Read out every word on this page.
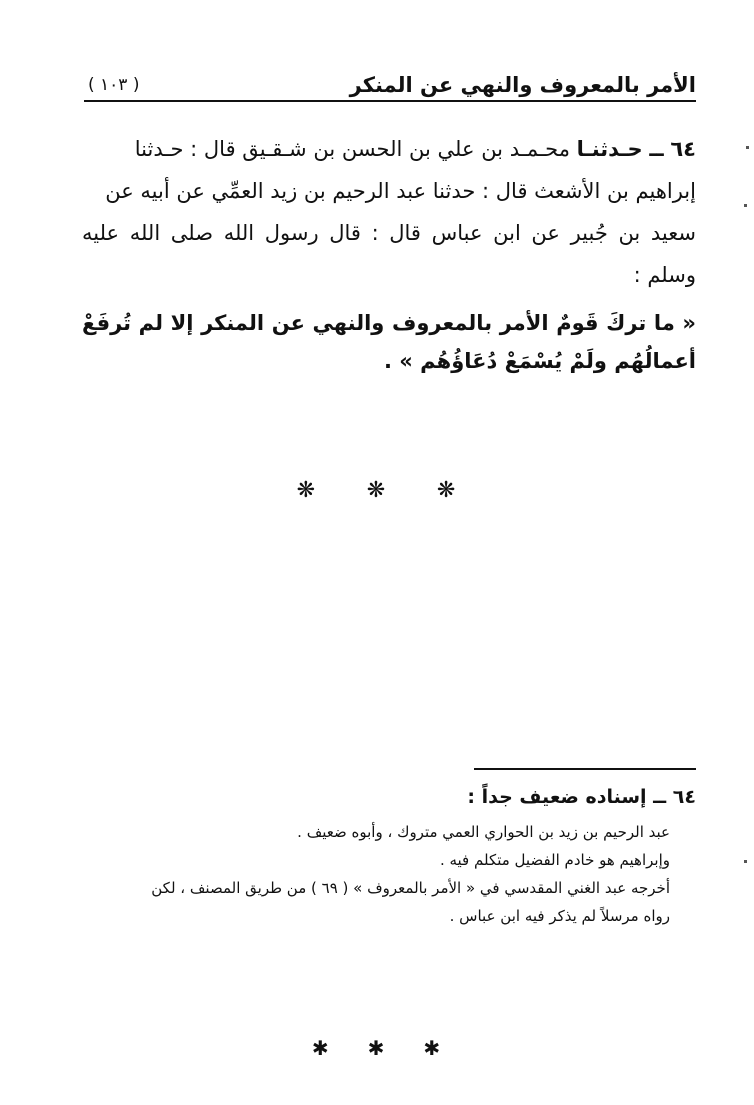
الأمر بالمعروف والنهي عن المنكر
( ١٠٣ )

٦٤ ــ حـدثنـا محـمـد بن علي بن الحسن بن شـقـيق قال : حـدثنا

إبراهيم بن الأشعث قال : حدثنا عبد الرحيم بن زيد العمِّي عن أبيه عن

سعيد بن جُبير عن ابن عباس قال : قال رسول الله صلى الله عليه وسلم :

« ما تركَ قَومٌ الأمر بالمعروف والنهي عن المنكر إلا لم تُرفَعْ أعمالُهُم ولَمْ يُسْمَعْ دُعَاؤُهُم » .

❋ ❋ ❋

٦٤ ــ إسناده ضعيف جداً :

عبد الرحيم بن زيد بن الحواري العمي متروك ، وأبوه ضعيف .

وإبراهيم هو خادم الفضيل متكلم فيه .

أخرجه عبد الغني المقدسي في « الأمر بالمعروف » ( ٦٩ ) من طريق المصنف ، لكن

رواه مرسلاً لم يذكر فيه ابن عباس .

✱ ✱ ✱
